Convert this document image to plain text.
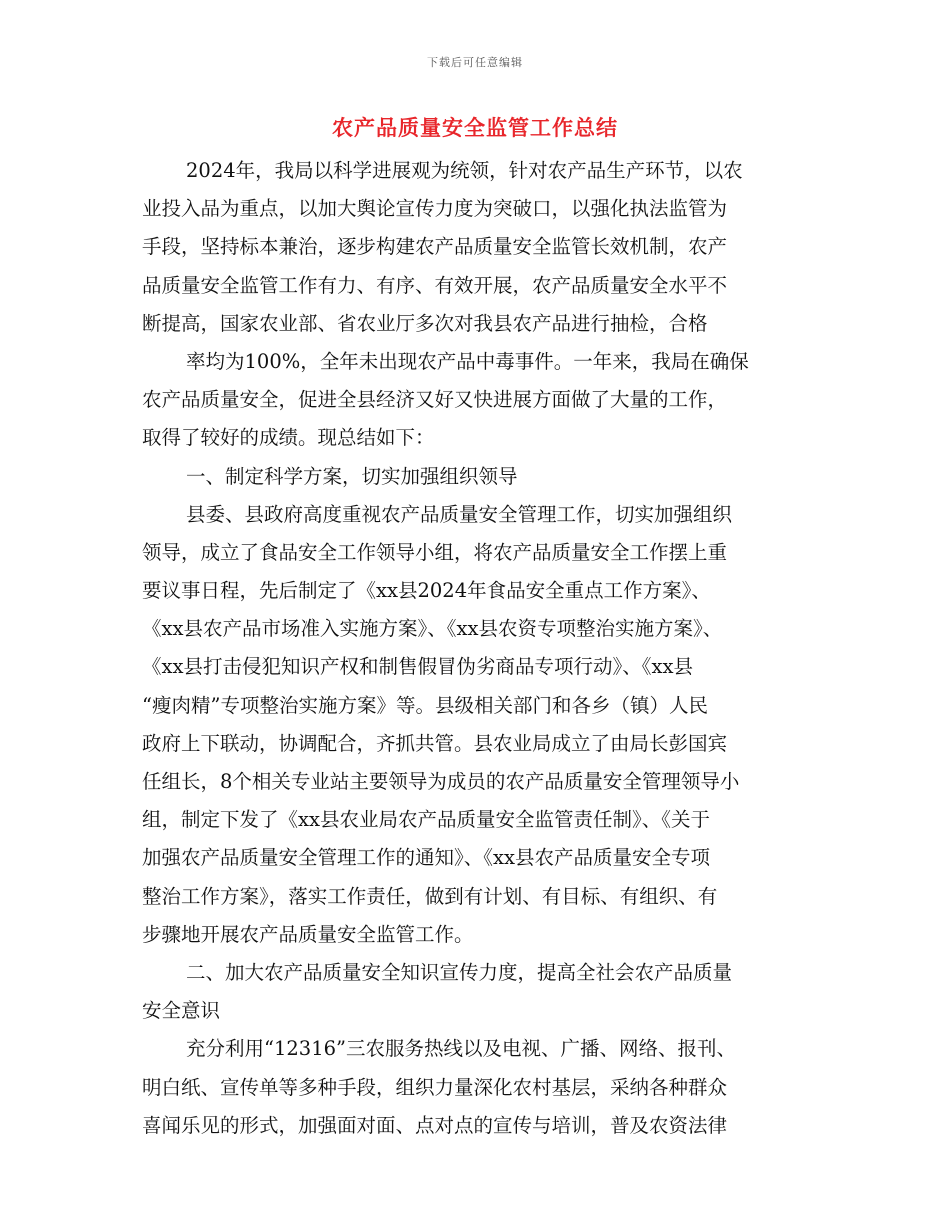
下载后可任意编辑
农产品质量安全监管工作总结
2024年，我局以科学进展观为统领，针对农产品生产环节，以农
业投入品为重点，以加大舆论宣传力度为突破口，以强化执法监管为
手段，坚持标本兼治，逐步构建农产品质量安全监管长效机制，农产
品质量安全监管工作有力、有序、有效开展，农产品质量安全水平不
断提高，国家农业部、省农业厅多次对我县农产品进行抽检，合格
率均为100%，全年未出现农产品中毒事件。一年来，我局在确保
农产品质量安全，促进全县经济又好又快进展方面做了大量的工作，
取得了较好的成绩。现总结如下：
一、制定科学方案，切实加强组织领导
县委、县政府高度重视农产品质量安全管理工作，切实加强组织
领导，成立了食品安全工作领导小组，将农产品质量安全工作摆上重
要议事日程，先后制定了《xx县2024年食品安全重点工作方案》、
《xx县农产品市场准入实施方案》、《xx县农资专项整治实施方案》、
《xx县打击侵犯知识产权和制售假冒伪劣商品专项行动》、《xx县
“瘦肉精”专项整治实施方案》等。县级相关部门和各乡（镇）人民
政府上下联动，协调配合，齐抓共管。县农业局成立了由局长彭国宾
任组长，8个相关专业站主要领导为成员的农产品质量安全管理领导小
组，制定下发了《xx县农业局农产品质量安全监管责任制》、《关于
加强农产品质量安全管理工作的通知》、《xx县农产品质量安全专项
整治工作方案》，落实工作责任，做到有计划、有目标、有组织、有
步骤地开展农产品质量安全监管工作。
二、加大农产品质量安全知识宣传力度，提高全社会农产品质量
安全意识
充分利用“12316”三农服务热线以及电视、广播、网络、报刊、
明白纸、宣传单等多种手段，组织力量深化农村基层，采纳各种群众
喜闻乐见的形式，加强面对面、点对点的宣传与培训，普及农资法律
